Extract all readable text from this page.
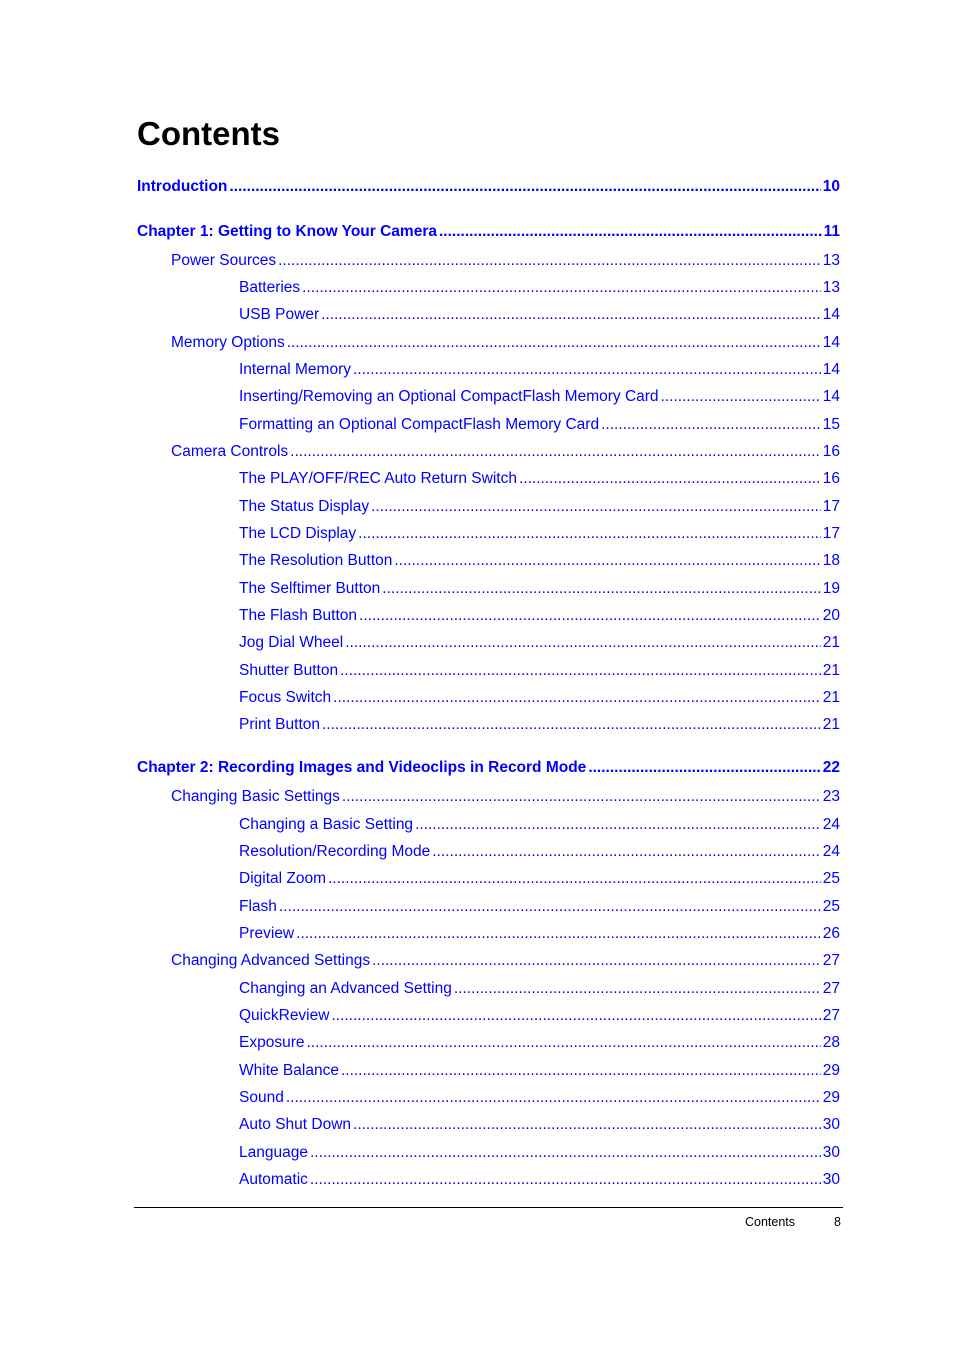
Contents
Introduction .....	10
Chapter 1: Getting to Know Your Camera .....	11
Power Sources .....	13
Batteries .....	13
USB Power .....	14
Memory Options .....	14
Internal Memory .....	14
Inserting/Removing an Optional CompactFlash Memory Card .....	14
Formatting an Optional CompactFlash Memory Card .....	15
Camera Controls .....	16
The PLAY/OFF/REC Auto Return Switch .....	16
The Status Display .....	17
The LCD Display .....	17
The Resolution Button .....	18
The Selftimer Button .....	19
The Flash Button .....	20
Jog Dial Wheel .....	21
Shutter Button .....	21
Focus Switch .....	21
Print Button .....	21
Chapter 2: Recording Images and Videoclips in Record Mode .....	22
Changing Basic Settings .....	23
Changing a Basic Setting .....	24
Resolution/Recording Mode .....	24
Digital Zoom .....	25
Flash .....	25
Preview .....	26
Changing Advanced Settings .....	27
Changing an Advanced Setting .....	27
QuickReview .....	27
Exposure .....	28
White Balance .....	29
Sound .....	29
Auto Shut Down .....	30
Language .....	30
Automatic .....	30
Contents	8
